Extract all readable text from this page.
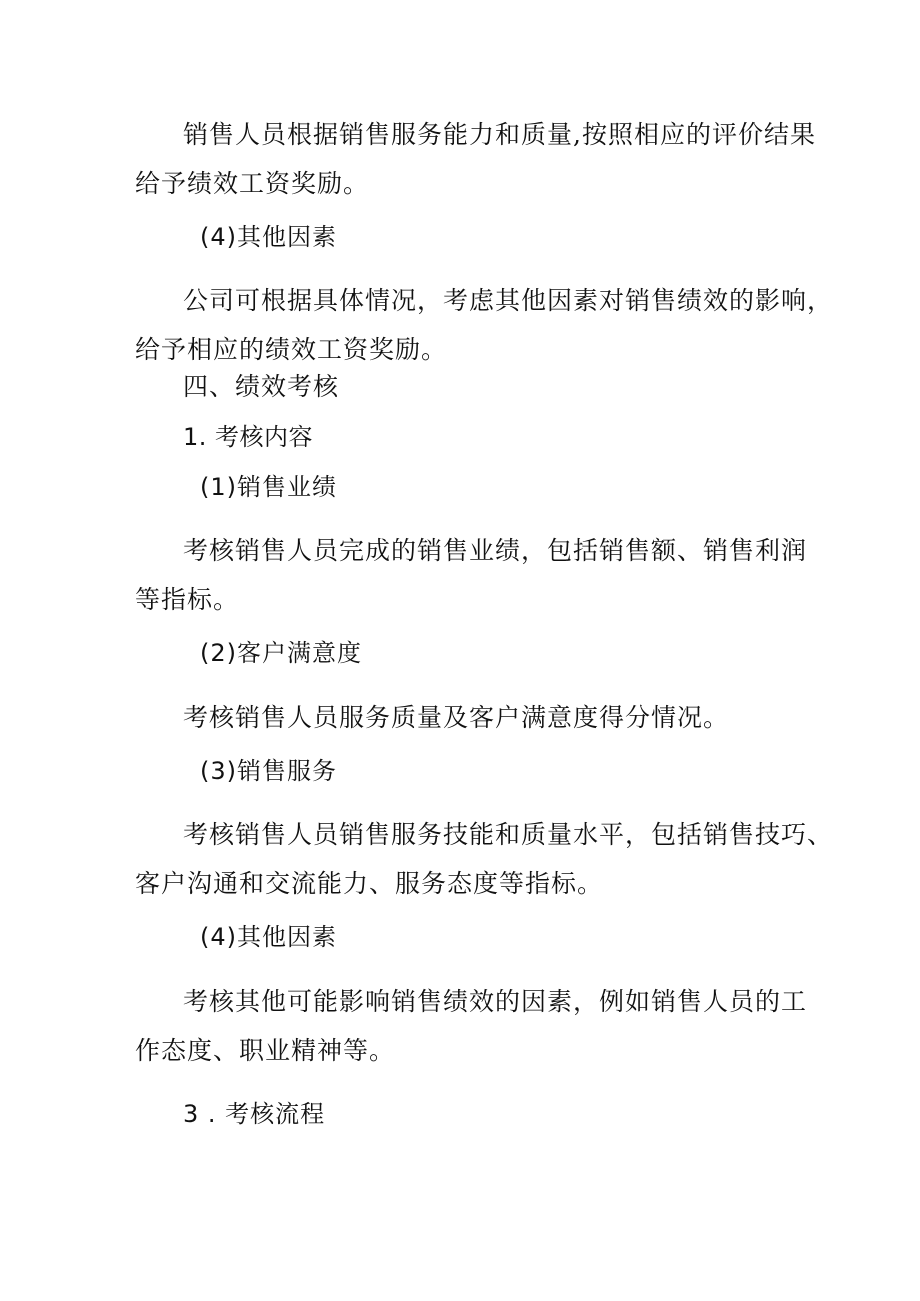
销售人员根据销售服务能力和质量,按照相应的评价结果
给予绩效工资奖励。
(4)其他因素
公司可根据具体情况，考虑其他因素对销售绩效的影响，
给予相应的绩效工资奖励。
四、绩效考核
1. 考核内容
(1)销售业绩
考核销售人员完成的销售业绩，包括销售额、销售利润
等指标。
(2)客户满意度
考核销售人员服务质量及客户满意度得分情况。
(3)销售服务
考核销售人员销售服务技能和质量水平，包括销售技巧、
客户沟通和交流能力、服务态度等指标。
(4)其他因素
考核其他可能影响销售绩效的因素，例如销售人员的工
作态度、职业精神等。
3 . 考核流程
